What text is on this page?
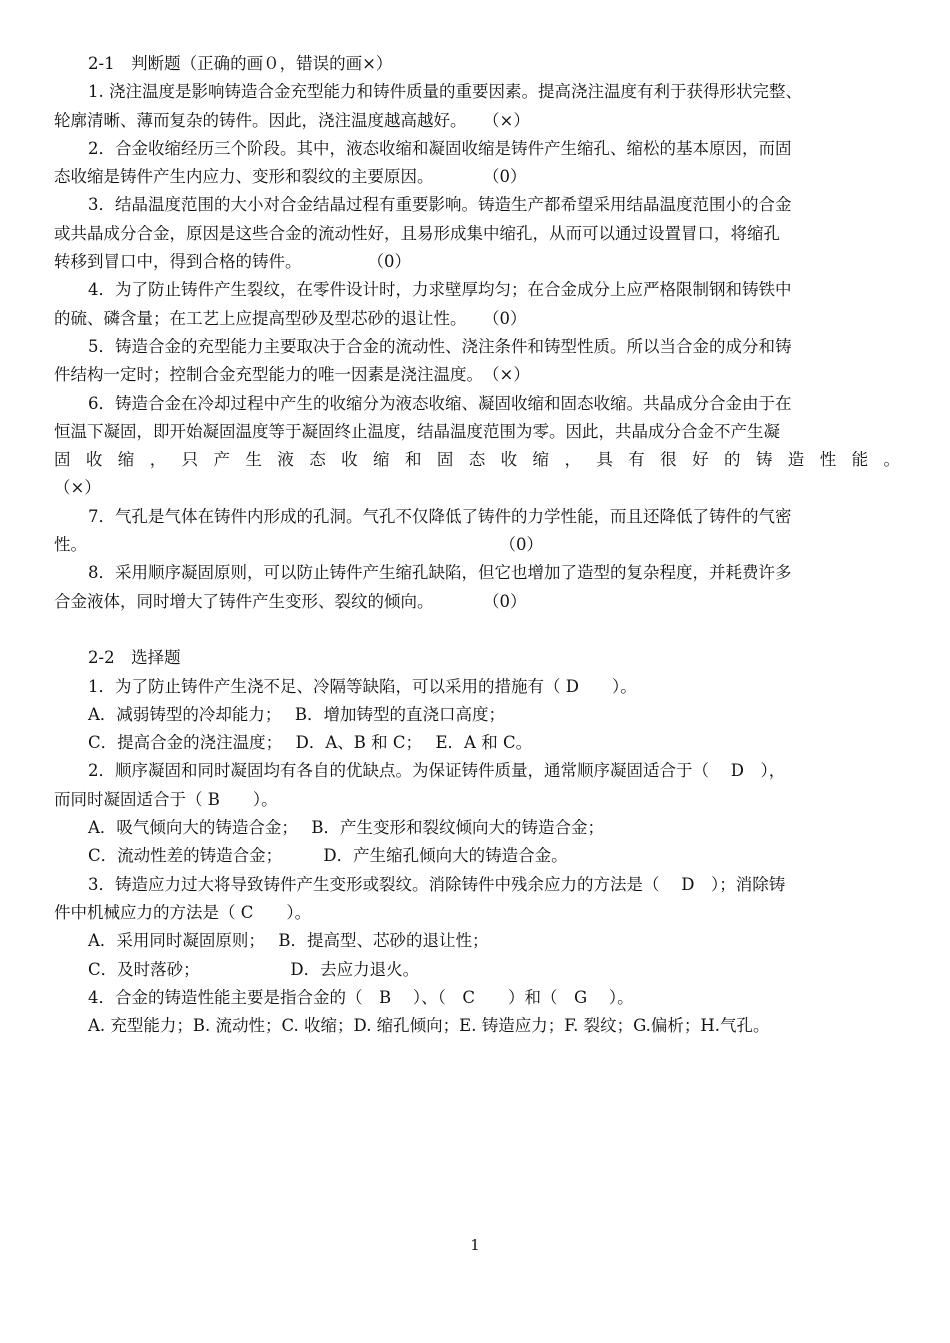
2-1　判断题（正确的画０，错误的画×）
1. 浇注温度是影响铸造合金充型能力和铸件质量的重要因素。提高浇注温度有利于获得形状完整、
轮廓清晰、薄而复杂的铸件。因此，浇注温度越高越好。　　（×）
2．合金收缩经历三个阶段。其中，液态收缩和凝固收缩是铸件产生缩孔、缩松的基本原因，而固
态收缩是铸件产生内应力、变形和裂纹的主要原因。　　　　（0）
3．结晶温度范围的大小对合金结晶过程有重要影响。铸造生产都希望采用结晶温度范围小的合金
或共晶成分合金，原因是这些合金的流动性好，且易形成集中缩孔，从而可以通过设置冒口，将缩孔
转移到冒口中，得到合格的铸件。　　　　　（0）
4．为了防止铸件产生裂纹，在零件设计时，力求壁厚均匀；在合金成分上应严格限制钢和铸铁中
的硫、磷含量；在工艺上应提高型砂及型芯砂的退让性。　　（0）
5．铸造合金的充型能力主要取决于合金的流动性、浇注条件和铸型性质。所以当合金的成分和铸
件结构一定时；控制合金充型能力的唯一因素是浇注温度。　（×）
6．铸造合金在冷却过程中产生的收缩分为液态收缩、凝固收缩和固态收缩。共晶成分合金由于在
恒温下凝固，即开始凝固温度等于凝固终止温度，结晶温度范围为零。因此，共晶成分合金不产生凝
固收缩，只产生液态收缩和固态收缩，具有很好的铸造性能。
（×）
7．气孔是气体在铸件内形成的孔洞。气孔不仅降低了铸件的力学性能，而且还降低了铸件的气密
性。　　　　　　　　　　　　　　　　　　　　　　　　　　（0）
8．采用顺序凝固原则，可以防止铸件产生缩孔缺陷，但它也增加了造型的复杂程度，并耗费许多
合金液体，同时增大了铸件产生变形、裂纹的倾向。　　　　（0）
2-2　选择题
1．为了防止铸件产生浇不足、冷隔等缺陷，可以采用的措施有（ D　　）。
A．减弱铸型的冷却能力；　 B．增加铸型的直浇口高度；
C．提高合金的浇注温度；　 D．A、B 和 C；　 E．A 和 C。
2．顺序凝固和同时凝固均有各自的优缺点。为保证铸件质量，通常顺序凝固适合于（　 D　），
而同时凝固适合于（ B　　）。
A．吸气倾向大的铸造合金；　 B．产生变形和裂纹倾向大的铸造合金；
C．流动性差的铸造合金；　　　D．产生缩孔倾向大的铸造合金。
3．铸造应力过大将导致铸件产生变形或裂纹。消除铸件中残余应力的方法是（　 D　）；消除铸
件中机械应力的方法是（ C　　）。
A．采用同时凝固原则；　 B．提高型、芯砂的退让性；
C．及时落砂；　　　　　　D．去应力退火。
4．合金的铸造性能主要是指合金的（　B　 ）、（　C　　）和（　G　 ）。
A. 充型能力；B. 流动性；C. 收缩；D. 缩孔倾向；E. 铸造应力；F. 裂纹；G.偏析；H.气孔。
1
